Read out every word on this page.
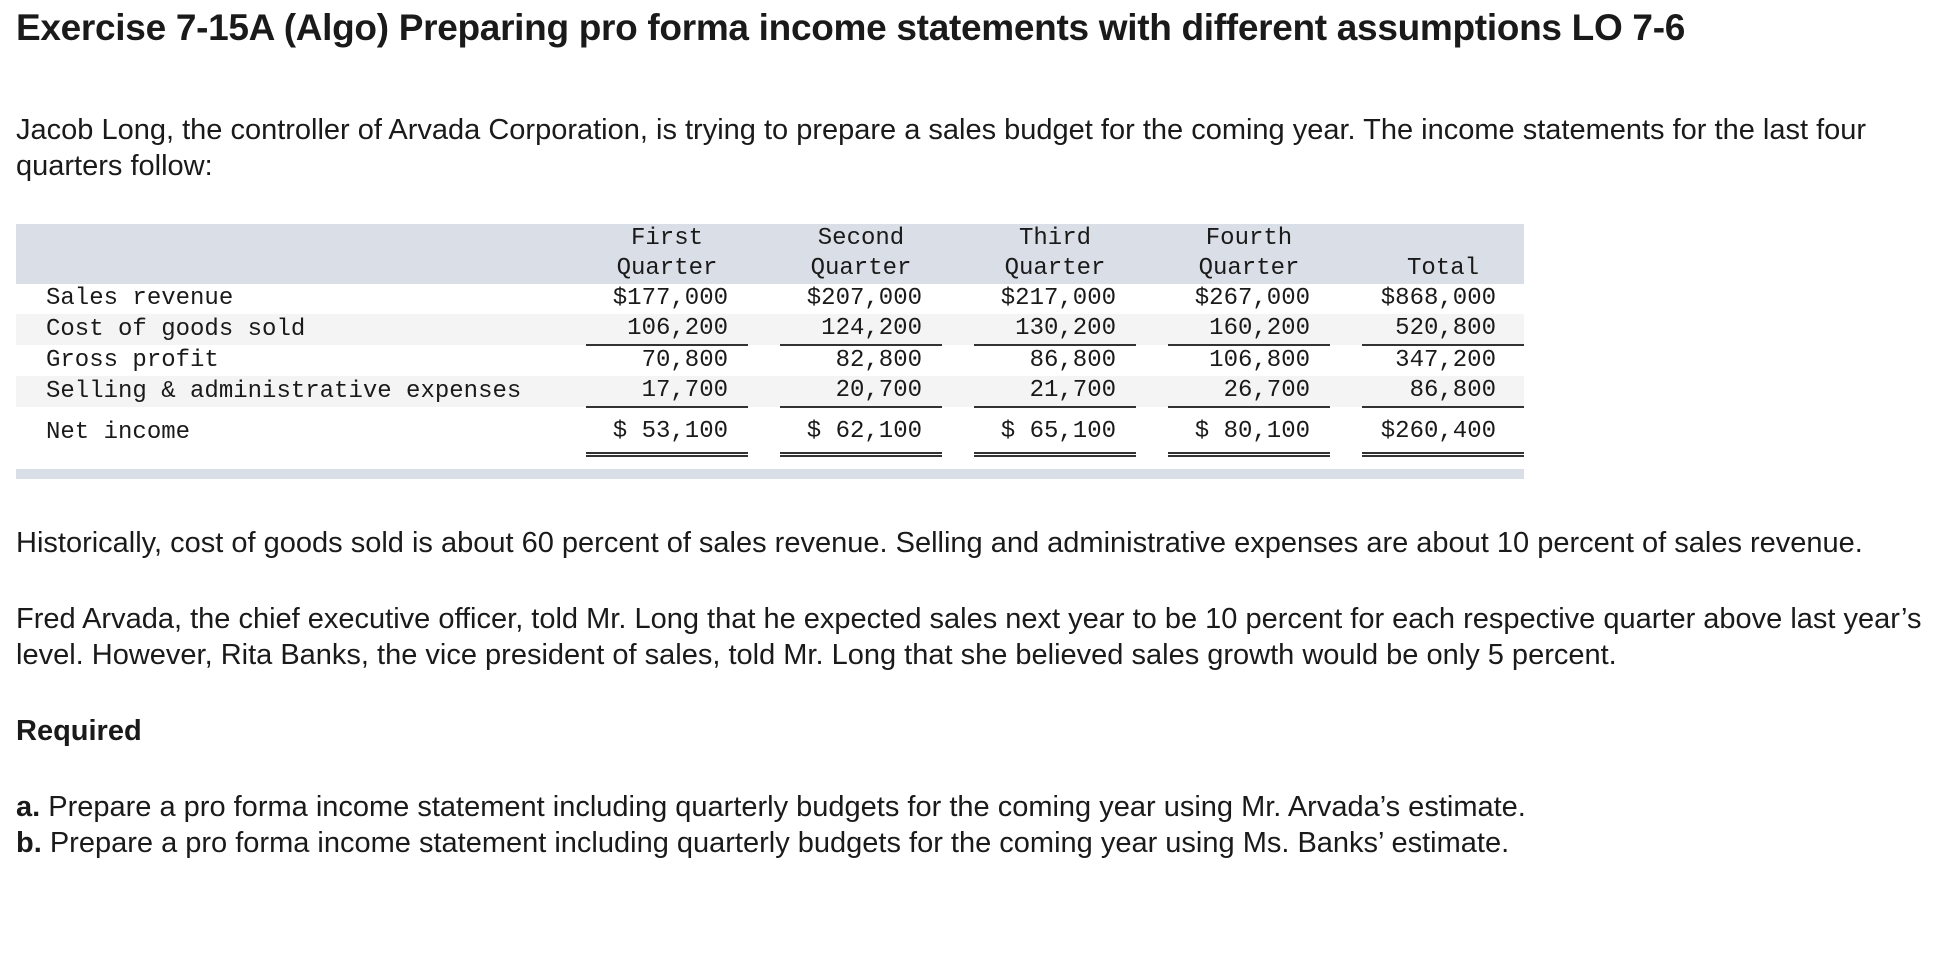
Exercise 7-15A (Algo) Preparing pro forma income statements with different assumptions LO 7-6

Jacob Long, the controller of Arvada Corporation, is trying to prepare a sales budget for the coming year. The income statements for the last four quarters follow:

	First		Second		Third		Fourth		
	Quarter		Quarter		Quarter		Quarter		Total
Sales revenue	$177,000		$207,000		$217,000		$267,000		$868,000
Cost of goods sold	106,200		124,200		130,200		160,200		520,800
Gross profit	70,800		82,800		86,800		106,800		347,200
Selling & administrative expenses	17,700		20,700		21,700		26,700		86,800
Net income	$ 53,100		$ 62,100		$ 65,100		$ 80,100		$260,400

Historically, cost of goods sold is about 60 percent of sales revenue. Selling and administrative expenses are about 10 percent of sales revenue.

Fred Arvada, the chief executive officer, told Mr. Long that he expected sales next year to be 10 percent for each respective quarter above last year’s level. However, Rita Banks, the vice president of sales, told Mr. Long that she believed sales growth would be only 5 percent.

Required

a. Prepare a pro forma income statement including quarterly budgets for the coming year using Mr. Arvada’s estimate.

b. Prepare a pro forma income statement including quarterly budgets for the coming year using Ms. Banks’ estimate.
